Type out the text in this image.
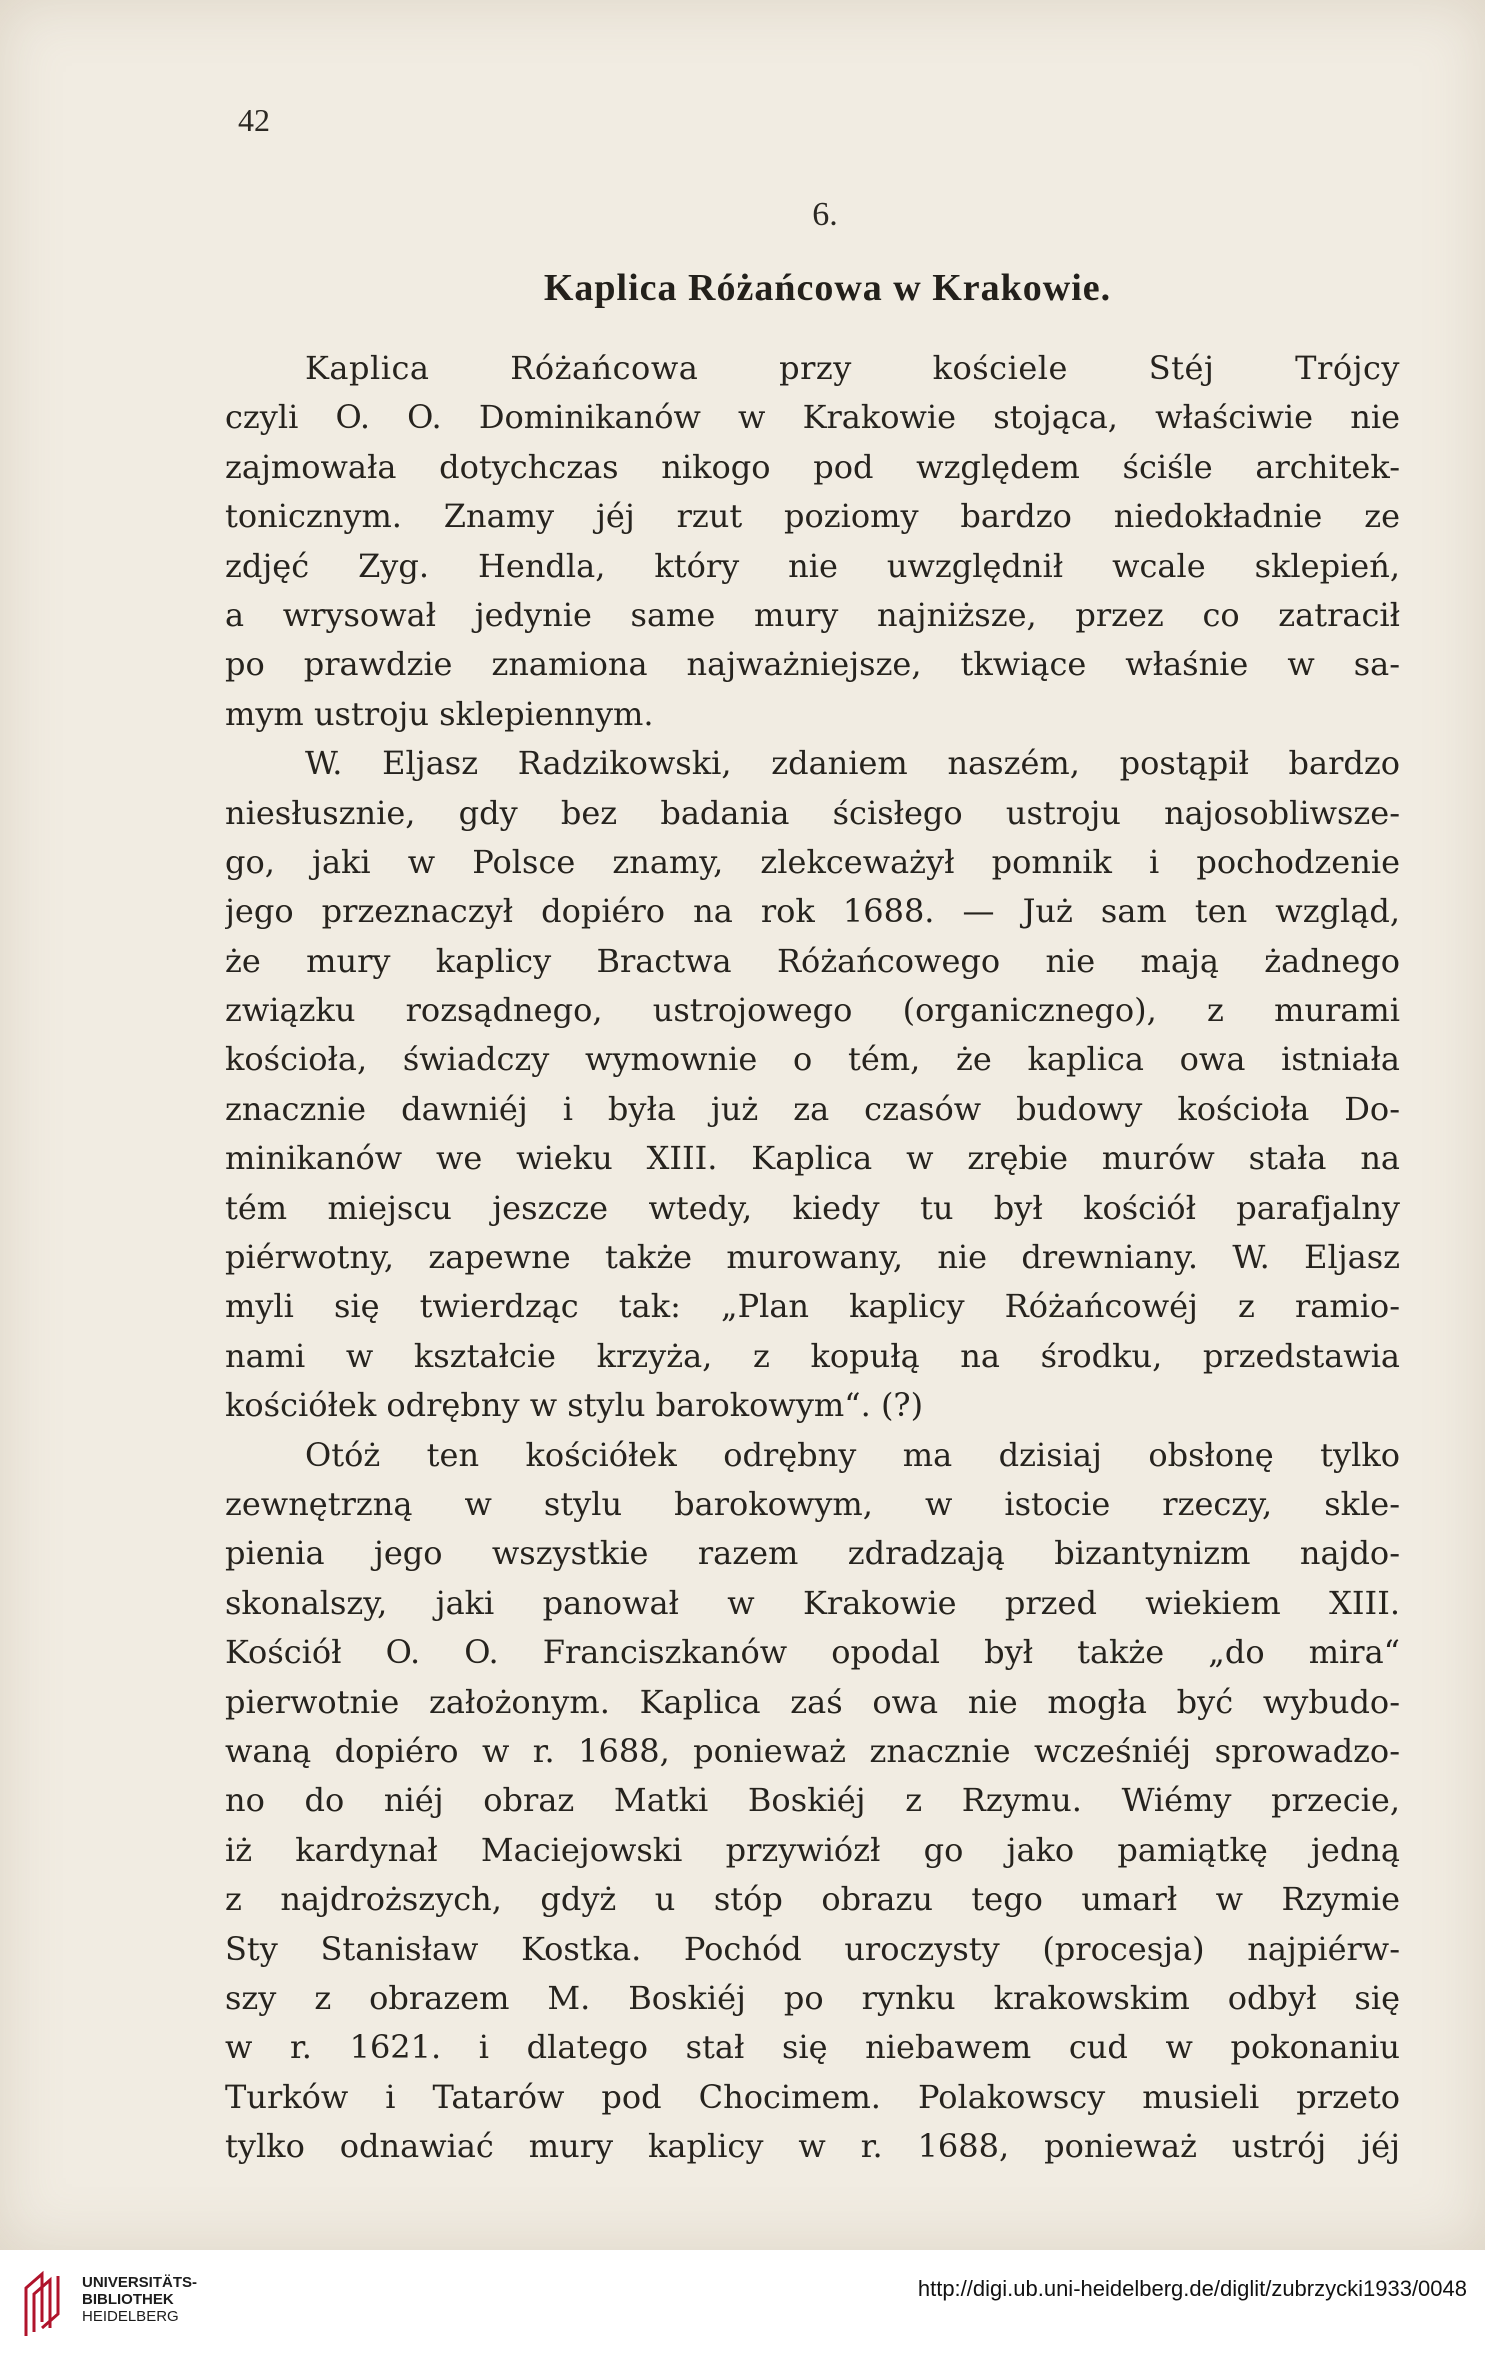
42
6.
Kaplica Różańcowa w Krakowie.
Kaplica Różańcowa przy kościele Stéj Trójcy
czyli O. O. Dominikanów w Krakowie stojąca, właściwie nie
zajmowała dotychczas nikogo pod względem ściśle architek-
tonicznym. Znamy jéj rzut poziomy bardzo niedokładnie ze
zdjęć Zyg. Hendla, który nie uwzględnił wcale sklepień,
a wrysował jedynie same mury najniższe, przez co zatracił
po prawdzie znamiona najważniejsze, tkwiące właśnie w sa-
mym ustroju sklepiennym.
W. Eljasz Radzikowski, zdaniem naszém, postąpił bardzo
niesłusznie, gdy bez badania ścisłego ustroju najosobliwsze-
go, jaki w Polsce znamy, zlekceważył pomnik i pochodzenie
jego przeznaczył dopiéro na rok 1688. — Już sam ten wzgląd,
że mury kaplicy Bractwa Różańcowego nie mają żadnego
związku rozsądnego, ustrojowego (organicznego), z murami
kościoła, świadczy wymownie o tém, że kaplica owa istniała
znacznie dawniéj i była już za czasów budowy kościoła Do-
minikanów we wieku XIII. Kaplica w zrębie murów stała na
tém miejscu jeszcze wtedy, kiedy tu był kościół parafjalny
piérwotny, zapewne także murowany, nie drewniany. W. Eljasz
myli się twierdząc tak: „Plan kaplicy Różańcowéj z ramio-
nami w kształcie krzyża, z kopułą na środku, przedstawia
kościółek odrębny w stylu barokowym“. (?)
Otóż ten kościółek odrębny ma dzisiaj obsłonę tylko
zewnętrzną w stylu barokowym, w istocie rzeczy, skle-
pienia jego wszystkie razem zdradzają bizantynizm najdo-
skonalszy, jaki panował w Krakowie przed wiekiem XIII.
Kościół O. O. Franciszkanów opodal był także „do mira“
pierwotnie założonym. Kaplica zaś owa nie mogła być wybudo-
waną dopiéro w r. 1688, ponieważ znacznie wcześniéj sprowadzo-
no do niéj obraz Matki Boskiéj z Rzymu. Wiémy przecie,
iż kardynał Maciejowski przywiózł go jako pamiątkę jedną
z najdroższych, gdyż u stóp obrazu tego umarł w Rzymie
Sty Stanisław Kostka. Pochód uroczysty (procesja) najpiérw-
szy z obrazem M. Boskiéj po rynku krakowskim odbył się
w r. 1621. i dlatego stał się niebawem cud w pokonaniu
Turków i Tatarów pod Chocimem. Polakowscy musieli przeto
tylko odnawiać mury kaplicy w r. 1688, ponieważ ustrój jéj
UNIVERSITÄTS-
BIBLIOTHEK
HEIDELBERG
http://digi.ub.uni-heidelberg.de/diglit/zubrzycki1933/0048
